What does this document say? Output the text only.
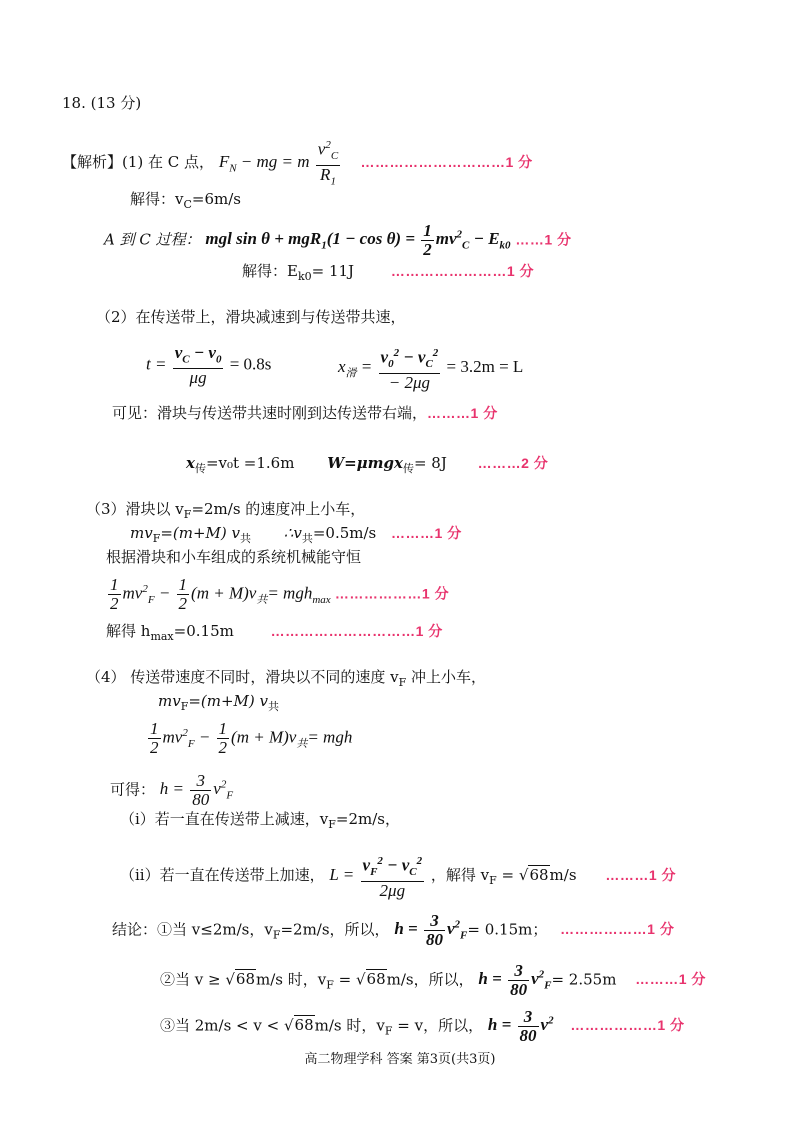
18. (13 分)
【解析】(1) 在 C 点， $F_N$ − mg = m $\frac{v^2_C}{R_1}$ …………………………1 分
解得：$v_C=6m/s$
A 到 C 过程： mgl $\sin \theta + mgR_1(1 - \cos \theta) = \frac{1}{2} mv^2_C - E_{k0}$ ……1 分
解得：$E_{k0}= 11J$	……………………1 分
（2）在传送带上，滑块减速到与传送带共速，
$t = \frac{v_C - v_0}{\mu g} = 0.8s$	$x_滑 = \frac{v_0^2 - v_C^2}{- 2\mu g} = 3.2m = L$
可见：滑块与传送带共速时刚到达传送带右端，………1 分
$x_传=v_0t =1.6m$ W=μmgx$_传$= 8J ………2 分
（3）滑块以 $v_F=2m/s$ 的速度冲上小车，
$mv_F=(m+M)$ $v_共$ $\therefore v_共=0.5m/s$ ………1 分
根据滑块和小车组成的系统机械能守恒
$\frac{1}{2} mv^2_F - \frac{1}{2} (m + M)v_共= mgh_{max}$ ………………1 分
解得 $h_{max}=0.15m$	…………………………1 分
（4） 传送带速度不同时，滑块以不同的速度 $v_F$ 冲上小车，
$mv_F=(m+M)$ $v_共$
$\frac{1}{2} mv^2_F - \frac{1}{2} (m + M)v_共=$ mgh
可得： $h = \frac{3}{80} v^2_F$
（i）若一直在传送带上减速，$v_F=2m/s$，
（ii）若一直在传送带上加速， $L = \frac{v_F^2 - v_C^2}{2\mu g}$ ，解得 $v_F = √68m/s$ ………1 分
结论：①当 v≤2m/s，$v_F=2m/s$，所以， $h = \frac{3}{80} v^2_F= 0.15m$； ………………1 分
②当 v ≥ √68m/s 时，$v_F = √68m/s$，所以， $h = \frac{3}{80} v^2_F= 2.55m$ ………1 分
③当 2m/s < v < √68m/s 时，$v_F = v$，所以， $h = \frac{3}{80} v^2$ ………………1 分
高二物理学科 答案 第3页(共3页)
